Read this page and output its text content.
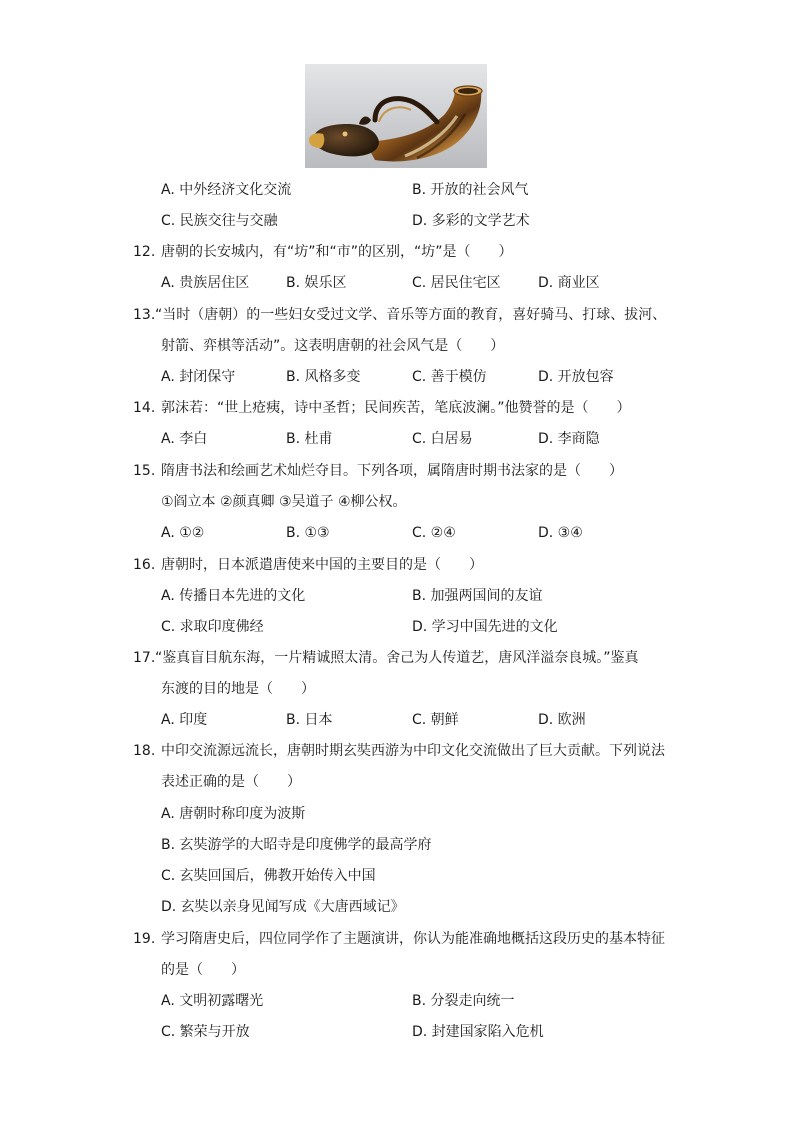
A. 中外经济文化交流	B. 开放的社会风气
C. 民族交往与交融	D. 多彩的文学艺术
12. 唐朝的长安城内，有“坊”和“市”的区别，“坊”是（　　）
A. 贵族居住区	B. 娱乐区	C. 居民住宅区	D. 商业区
13. “当时（唐朝）的一些妇女受过文学、音乐等方面的教育，喜好骑马、打球、拔河、
射箭、弈棋等活动”。这表明唐朝的社会风气是（　　）
A. 封闭保守	B. 风格多变	C. 善于模仿	D. 开放包容
14. 郭沫若：“世上疮痍，诗中圣哲；民间疾苦，笔底波澜。”他赞誉的是（　　）
A. 李白	B. 杜甫	C. 白居易	D. 李商隐
15. 隋唐书法和绘画艺术灿烂夺目。下列各项，属隋唐时期书法家的是（　　）
①阎立本 ②颜真卿 ③吴道子 ④柳公权。
A. ①②	B. ①③	C. ②④	D. ③④
16. 唐朝时，日本派遣唐使来中国的主要目的是（　　）
A. 传播日本先进的文化	B. 加强两国间的友谊
C. 求取印度佛经	D. 学习中国先进的文化
17. “鉴真盲目航东海，一片精诚照太清。舍己为人传道艺，唐风洋溢奈良城。”鉴真
东渡的目的地是（　　）
A. 印度	B. 日本	C. 朝鲜	D. 欧洲
18. 中印交流源远流长，唐朝时期玄奘西游为中印文化交流做出了巨大贡献。下列说法
表述正确的是（　　）
A. 唐朝时称印度为波斯
B. 玄奘游学的大昭寺是印度佛学的最高学府
C. 玄奘回国后，佛教开始传入中国
D. 玄奘以亲身见闻写成《大唐西域记》
19. 学习隋唐史后，四位同学作了主题演讲，你认为能准确地概括这段历史的基本特征
的是（　　）
A. 文明初露曙光	B. 分裂走向统一
C. 繁荣与开放	D. 封建国家陷入危机
